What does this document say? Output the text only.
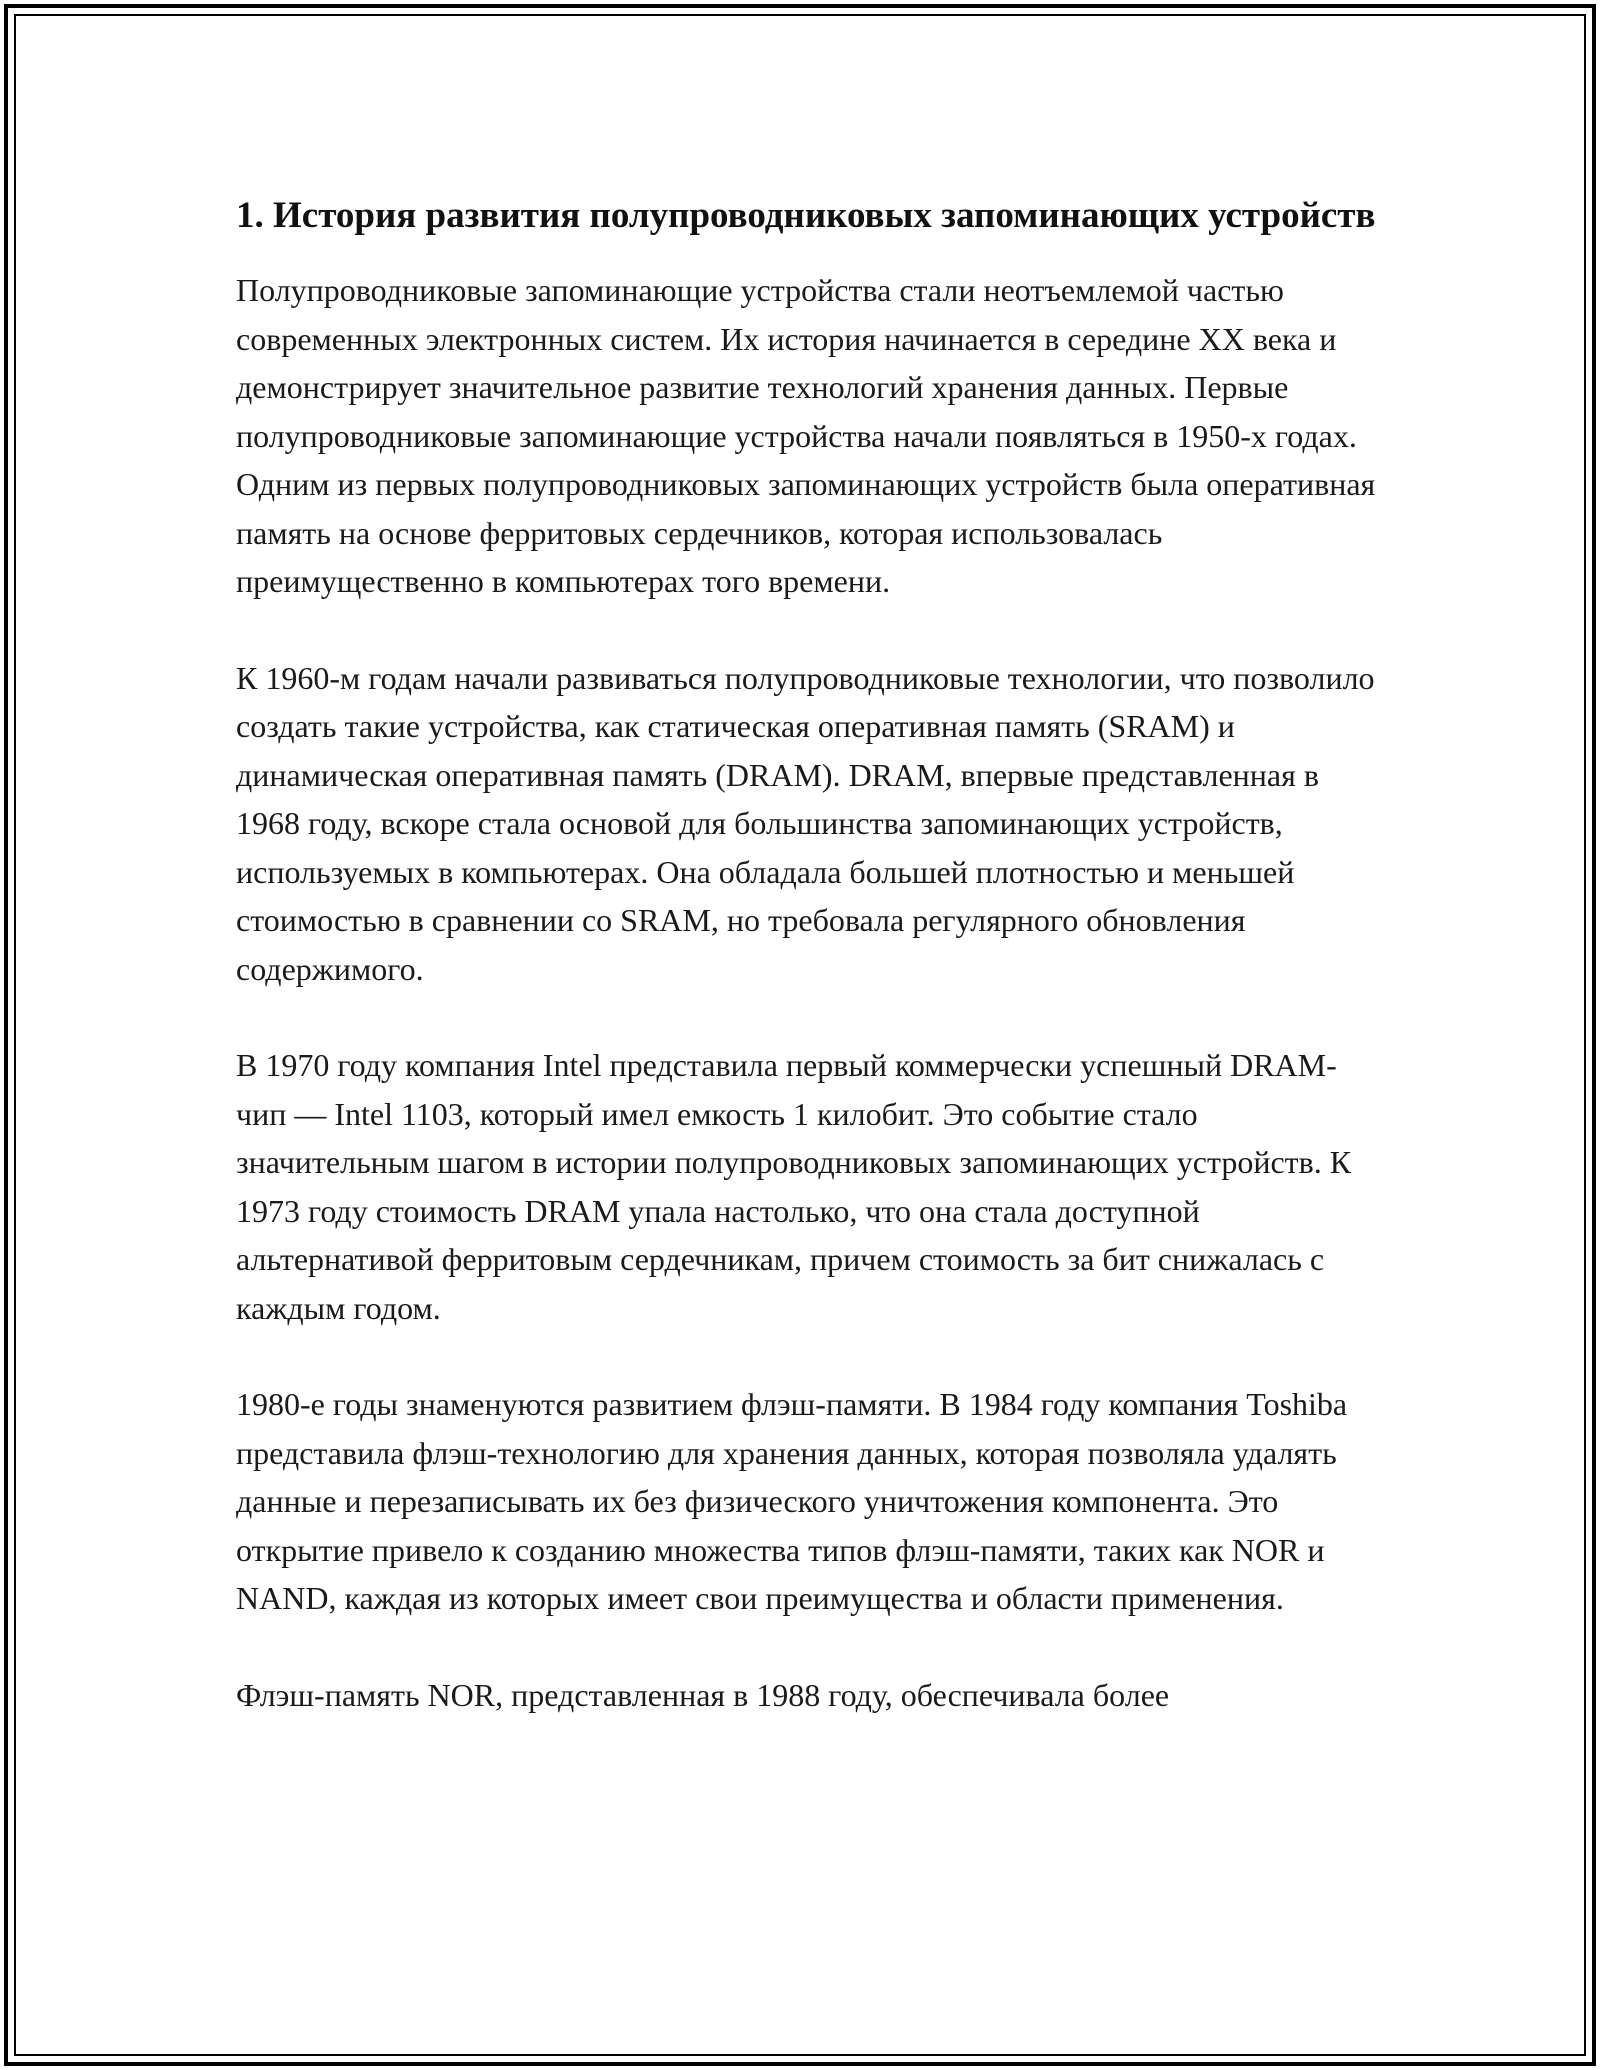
1. История развития полупроводниковых запоминающих устройств

Полупроводниковые запоминающие устройства стали неотъемлемой частью современных электронных систем. Их история начинается в середине XX века и демонстрирует значительное развитие технологий хранения данных. Первые полупроводниковые запоминающие устройства начали появляться в 1950-х годах. Одним из первых полупроводниковых запоминающих устройств была оперативная память на основе ферритовых сердечников, которая использовалась преимущественно в компьютерах того времени.

К 1960-м годам начали развиваться полупроводниковые технологии, что позволило создать такие устройства, как статическая оперативная память (SRAM) и динамическая оперативная память (DRAM). DRAM, впервые представленная в 1968 году, вскоре стала основой для большинства запоминающих устройств, используемых в компьютерах. Она обладала большей плотностью и меньшей стоимостью в сравнении со SRAM, но требовала регулярного обновления содержимого.

В 1970 году компания Intel представила первый коммерчески успешный DRAM-чип — Intel 1103, который имел емкость 1 килобит. Это событие стало значительным шагом в истории полупроводниковых запоминающих устройств. К 1973 году стоимость DRAM упала настолько, что она стала доступной альтернативой ферритовым сердечникам, причем стоимость за бит снижалась с каждым годом.

1980-е годы знаменуются развитием флэш-памяти. В 1984 году компания Toshiba представила флэш-технологию для хранения данных, которая позволяла удалять данные и перезаписывать их без физического уничтожения компонента. Это открытие привело к созданию множества типов флэш-памяти, таких как NOR и NAND, каждая из которых имеет свои преимущества и области применения.

Флэш-память NOR, представленная в 1988 году, обеспечивала более
